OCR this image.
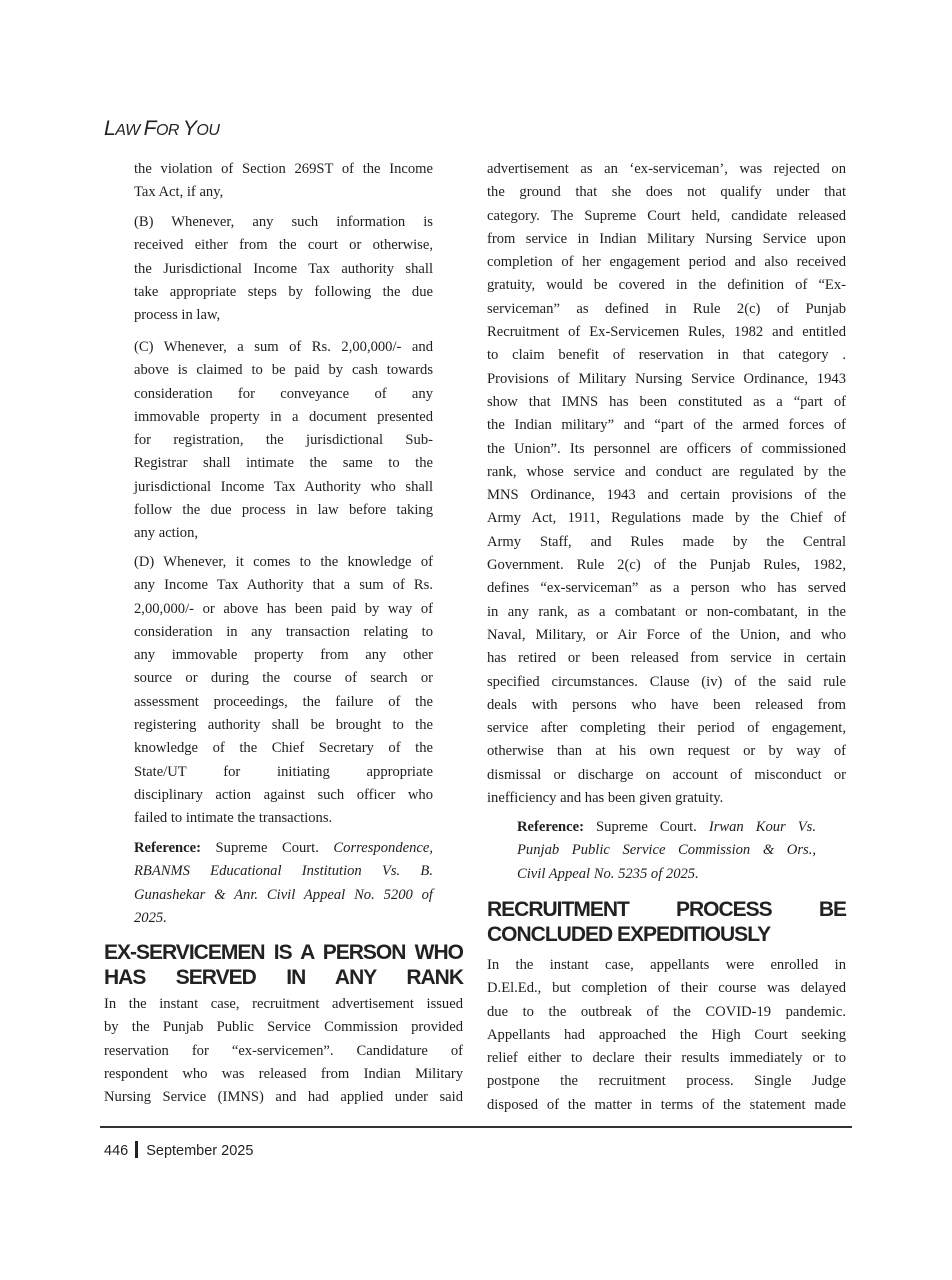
LAW FOR YOU
the violation of Section 269ST of the Income
Tax Act, if any,
(B) Whenever, any such information is
received either from the court or otherwise,
the Jurisdictional Income Tax authority shall
take appropriate steps by following the due
process in law,
(C) Whenever, a sum of Rs. 2,00,000/- and
above is claimed to be paid by cash towards
consideration for conveyance of any
immovable property in a document presented
for registration, the jurisdictional Sub-
Registrar shall intimate the same to the
jurisdictional Income Tax Authority who shall
follow the due process in law before taking
any action,
(D) Whenever, it comes to the knowledge of
any Income Tax Authority that a sum of Rs.
2,00,000/- or above has been paid by way of
consideration in any transaction relating to
any immovable property from any other
source or during the course of search or
assessment proceedings, the failure of the
registering authority shall be brought to the
knowledge of the Chief Secretary of the
State/UT for initiating appropriate
disciplinary action against such officer who
failed to intimate the transactions.
Reference: Supreme Court. Correspondence,
RBANMS Educational Institution Vs. B.
Gunashekar & Anr. Civil Appeal No. 5200 of
2025.
EX-SERVICEMEN IS A PERSON WHO
HAS SERVED IN ANY RANK
In the instant case, recruitment advertisement issued
by the Punjab Public Service Commission provided
reservation for “ex-servicemen”. Candidature of
respondent who was released from Indian Military
Nursing Service (IMNS) and had applied under said
advertisement as an ‘ex-serviceman’, was rejected on
the ground that she does not qualify under that
category. The Supreme Court held, candidate released
from service in Indian Military Nursing Service upon
completion of her engagement period and also received
gratuity, would be covered in the definition of “Ex-
serviceman” as defined in Rule 2(c) of Punjab
Recruitment of Ex-Servicemen Rules, 1982 and entitled
to claim benefit of reservation in that category .
Provisions of Military Nursing Service Ordinance, 1943
show that IMNS has been constituted as a “part of
the Indian military” and “part of the armed forces of
the Union”. Its personnel are officers of commissioned
rank, whose service and conduct are regulated by the
MNS Ordinance, 1943 and certain provisions of the
Army Act, 1911, Regulations made by the Chief of
Army Staff, and Rules made by the Central
Government. Rule 2(c) of the Punjab Rules, 1982,
defines “ex-serviceman” as a person who has served
in any rank, as a combatant or non-combatant, in the
Naval, Military, or Air Force of the Union, and who
has retired or been released from service in certain
specified circumstances. Clause (iv) of the said rule
deals with persons who have been released from
service after completing their period of engagement,
otherwise than at his own request or by way of
dismissal or discharge on account of misconduct or
inefficiency and has been given gratuity.
Reference: Supreme Court. Irwan Kour Vs.
Punjab Public Service Commission & Ors.,
Civil Appeal No. 5235 of 2025.
RECRUITMENT PROCESS BE
CONCLUDED EXPEDITIOUSLY
In the instant case, appellants were enrolled in
D.El.Ed., but completion of their course was delayed
due to the outbreak of the COVID-19 pandemic.
Appellants had approached the High Court seeking
relief either to declare their results immediately or to
postpone the recruitment process. Single Judge
disposed of the matter in terms of the statement made
446 September 2025
